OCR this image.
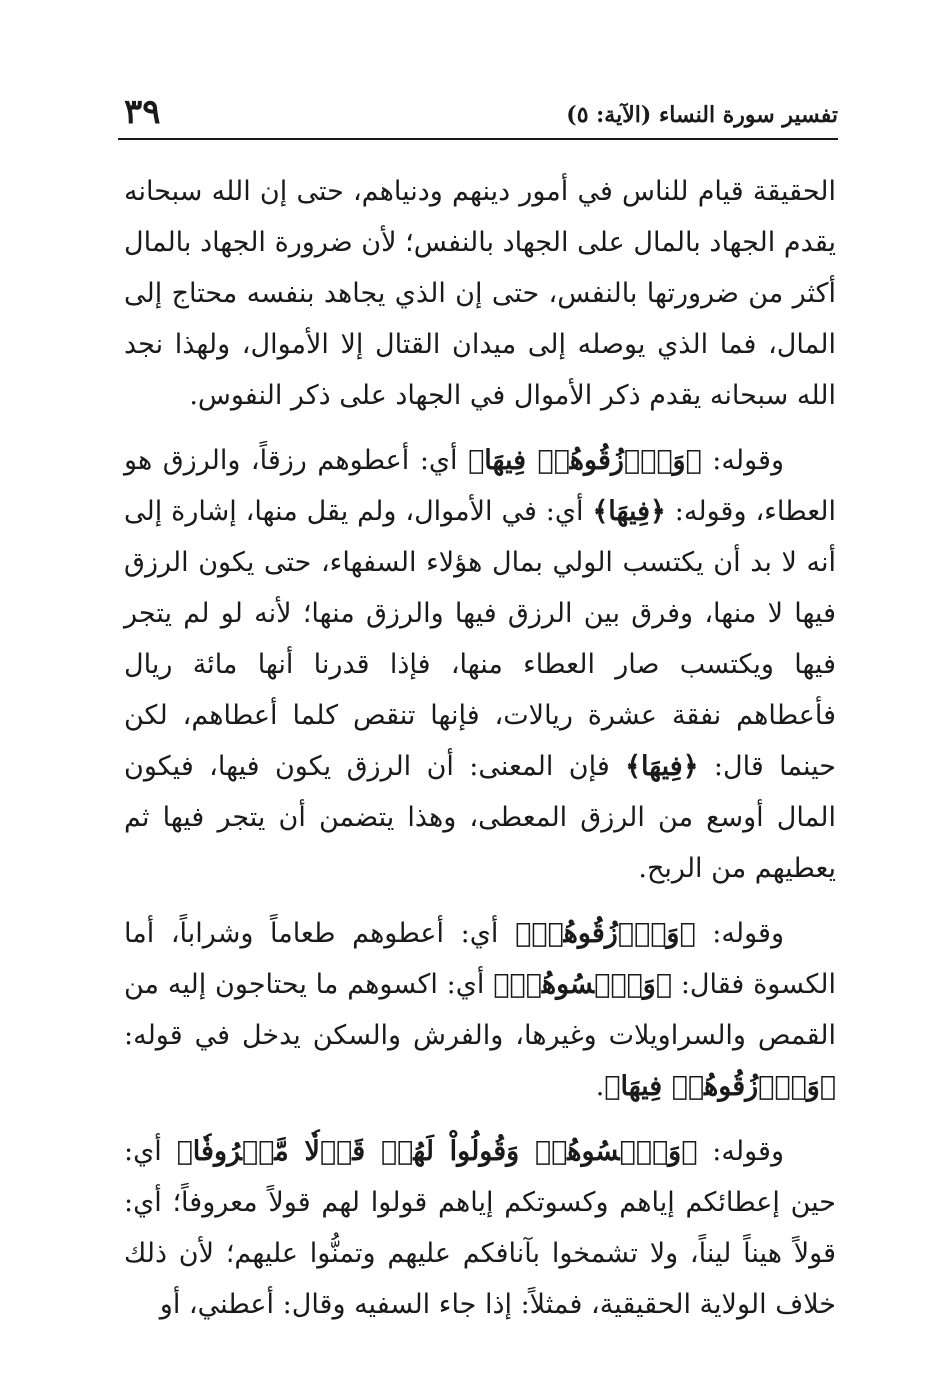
٣٩	تفسير سورة النساء (الآية: ٥)

الحقيقة قيام للناس في أمور دينهم ودنياهم، حتى إن الله سبحانه يقدم الجهاد بالمال على الجهاد بالنفس؛ لأن ضرورة الجهاد بالمال أكثر من ضرورتها بالنفس، حتى إن الذي يجاهد بنفسه محتاج إلى المال، فما الذي يوصله إلى ميدان القتال إلا الأموال، ولهذا نجد الله سبحانه يقدم ذكر الأموال في الجهاد على ذكر النفوس.

وقوله: ﴿وَٱرۡزُقُوهُمۡ فِيهَا﴾ أي: أعطوهم رزقاً، والرزق هو العطاء، وقوله: ﴿فِيهَا﴾ أي: في الأموال، ولم يقل منها، إشارة إلى أنه لا بد أن يكتسب الولي بمال هؤلاء السفهاء، حتى يكون الرزق فيها لا منها، وفرق بين الرزق فيها والرزق منها؛ لأنه لو لم يتجر فيها ويكتسب صار العطاء منها، فإذا قدرنا أنها مائة ريال فأعطاهم نفقة عشرة ريالات، فإنها تنقص كلما أعطاهم، لكن حينما قال: ﴿فِيهَا﴾ فإن المعنى: أن الرزق يكون فيها، فيكون المال أوسع من الرزق المعطى، وهذا يتضمن أن يتجر فيها ثم يعطيهم من الربح.

وقوله: ﴿وَٱرۡزُقُوهُمۡ﴾ أي: أعطوهم طعاماً وشراباً، أما الكسوة فقال: ﴿وَٱكۡسُوهُمۡ﴾ أي: اكسوهم ما يحتاجون إليه من القمص والسراويلات وغيرها، والفرش والسكن يدخل في قوله: ﴿وَٱرۡزُقُوهُمۡ فِيهَا﴾.

وقوله: ﴿وَٱكۡسُوهُمۡ وَقُولُواْ لَهُمۡ قَوۡلٗا مَّعۡرُوفٗا﴾ أي: حين إعطائكم إياهم وكسوتكم إياهم قولوا لهم قولاً معروفاً؛ أي: قولاً هيناً ليناً، ولا تشمخوا بآنافكم عليهم وتمنُّوا عليهم؛ لأن ذلك خلاف الولاية الحقيقية، فمثلاً: إذا جاء السفيه وقال: أعطني، أو
